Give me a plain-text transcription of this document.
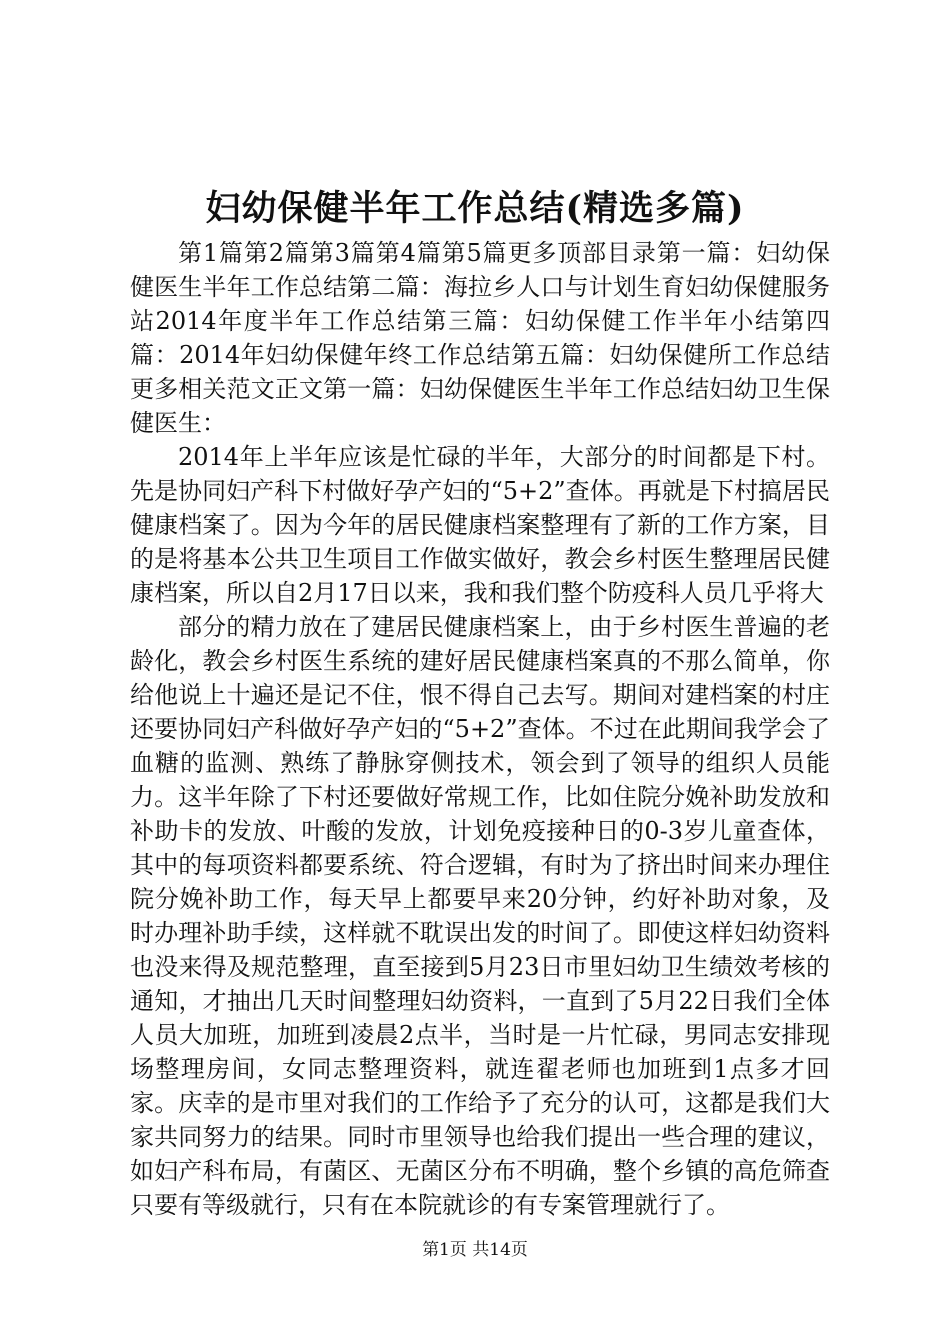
妇幼保健半年工作总结(精选多篇)

第1篇第2篇第3篇第4篇第5篇更多顶部目录第一篇：妇幼保健医生半年工作总结第二篇：海拉乡人口与计划生育妇幼保健服务站2014年度半年工作总结第三篇：妇幼保健工作半年小结第四篇：2014年妇幼保健年终工作总结第五篇：妇幼保健所工作总结更多相关范文正文第一篇：妇幼保健医生半年工作总结妇幼卫生保健医生：

2014年上半年应该是忙碌的半年，大部分的时间都是下村。先是协同妇产科下村做好孕产妇的“5+2”查体。再就是下村搞居民健康档案了。因为今年的居民健康档案整理有了新的工作方案，目的是将基本公共卫生项目工作做实做好，教会乡村医生整理居民健康档案，所以自2月17日以来，我和我们整个防疫科人员几乎将大

部分的精力放在了建居民健康档案上，由于乡村医生普遍的老龄化，教会乡村医生系统的建好居民健康档案真的不那么简单，你给他说上十遍还是记不住，恨不得自己去写。期间对建档案的村庄还要协同妇产科做好孕产妇的“5+2”查体。不过在此期间我学会了血糖的监测、熟练了静脉穿侧技术，领会到了领导的组织人员能力。这半年除了下村还要做好常规工作，比如住院分娩补助发放和补助卡的发放、叶酸的发放，计划免疫接种日的0-3岁儿童查体，其中的每项资料都要系统、符合逻辑，有时为了挤出时间来办理住院分娩补助工作，每天早上都要早来20分钟，约好补助对象，及时办理补助手续，这样就不耽误出发的时间了。即使这样妇幼资料也没来得及规范整理，直至接到5月23日市里妇幼卫生绩效考核的通知，才抽出几天时间整理妇幼资料，一直到了5月22日我们全体人员大加班，加班到凌晨2点半，当时是一片忙碌，男同志安排现场整理房间，女同志整理资料，就连翟老师也加班到1点多才回家。庆幸的是市里对我们的工作给予了充分的认可，这都是我们大家共同努力的结果。同时市里领导也给我们提出一些合理的建议，如妇产科布局，有菌区、无菌区分布不明确，整个乡镇的高危筛查只要有等级就行，只有在本院就诊的有专案管理就行了。

第1页 共14页
